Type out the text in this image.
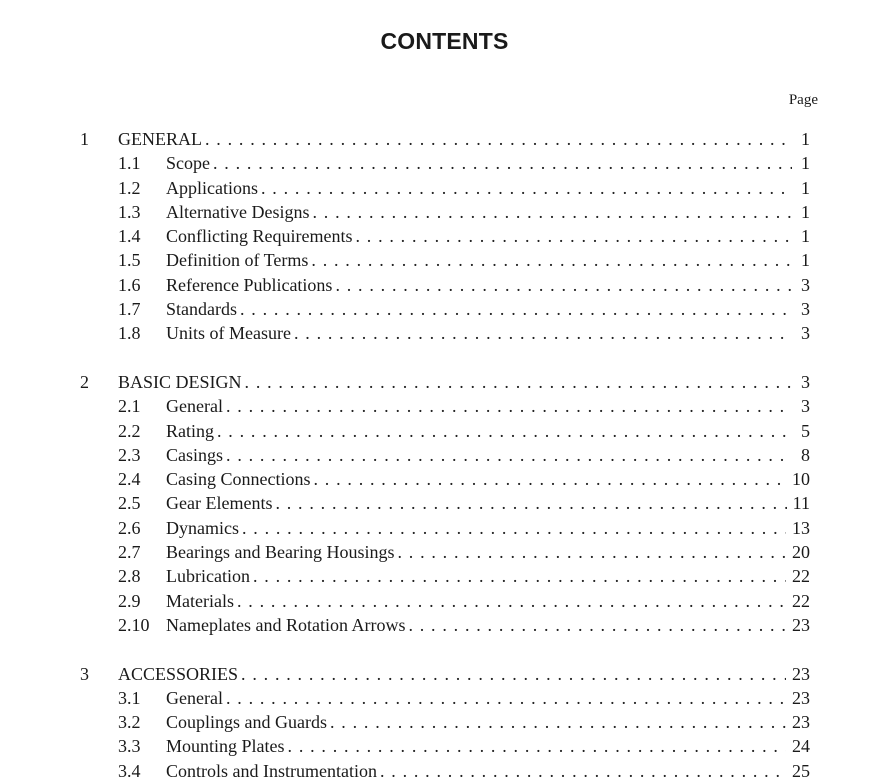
CONTENTS
Page
1 GENERAL . . .	1
1.1 Scope . . .	1
1.2 Applications . . .	1
1.3 Alternative Designs . . .	1
1.4 Conflicting Requirements . . .	1
1.5 Definition of Terms . . .	1
1.6 Reference Publications . . .	3
1.7 Standards . . .	3
1.8 Units of Measure . . .	3
2 BASIC DESIGN . . .	3
2.1 General . . .	3
2.2 Rating . . .	5
2.3 Casings . . .	8
2.4 Casing Connections . . .	10
2.5 Gear Elements . . .	11
2.6 Dynamics . . .	13
2.7 Bearings and Bearing Housings . . .	20
2.8 Lubrication . . .	22
2.9 Materials . . .	22
2.10 Nameplates and Rotation Arrows . . .	23
3 ACCESSORIES . . .	23
3.1 General . . .	23
3.2 Couplings and Guards . . .	23
3.3 Mounting Plates . . .	24
3.4 Controls and Instrumentation . . .	25
